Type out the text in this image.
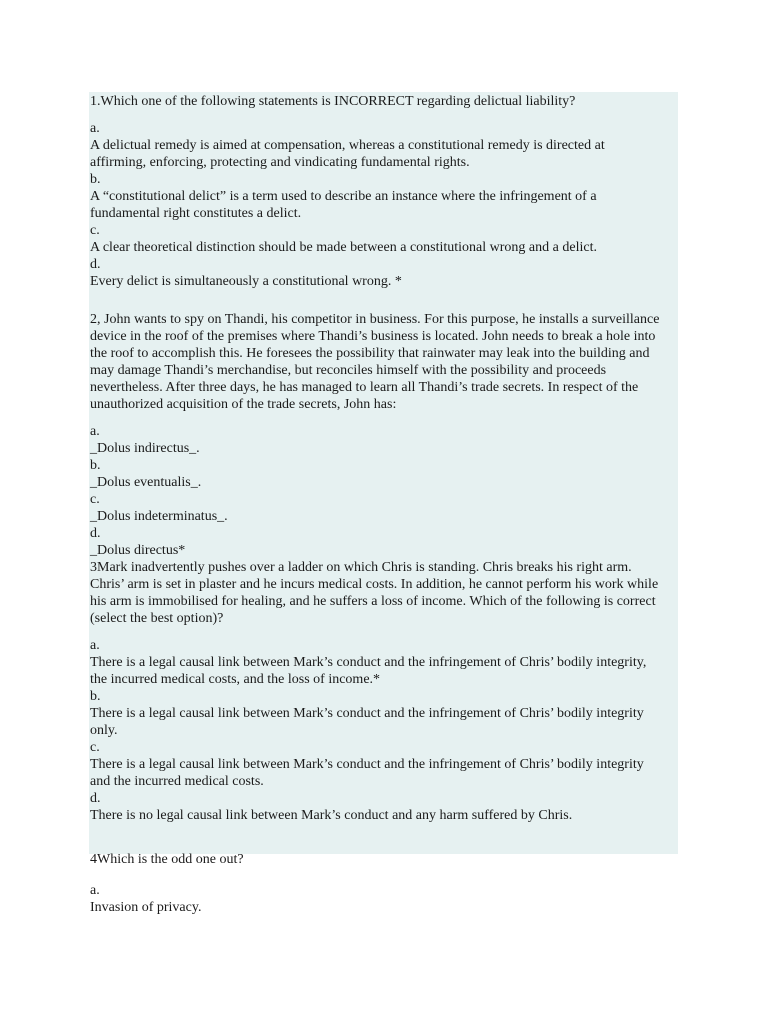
1.Which one of the following statements is INCORRECT regarding delictual liability?

a.
A delictual remedy is aimed at compensation, whereas a constitutional remedy is directed at
affirming, enforcing, protecting and vindicating fundamental rights.
b.
A “constitutional delict” is a term used to describe an instance where the infringement of a
fundamental right constitutes a delict.
c.
A clear theoretical distinction should be made between a constitutional wrong and a delict.
d.
Every delict is simultaneously a constitutional wrong. *
2, John wants to spy on Thandi, his competitor in business. For this purpose, he installs a surveillance
device in the roof of the premises where Thandi’s business is located. John needs to break a hole into
the roof to accomplish this. He foresees the possibility that rainwater may leak into the building and
may damage Thandi’s merchandise, but reconciles himself with the possibility and proceeds
nevertheless. After three days, he has managed to learn all Thandi’s trade secrets. In respect of the
unauthorized acquisition of the trade secrets, John has:
a.
_Dolus indirectus_.
b.
_Dolus eventualis_.
c.
_Dolus indeterminatus_.
d.
_Dolus directus*
3Mark inadvertently pushes over a ladder on which Chris is standing. Chris breaks his right arm.
Chris’ arm is set in plaster and he incurs medical costs. In addition, he cannot perform his work while
his arm is immobilised for healing, and he suffers a loss of income. Which of the following is correct
(select the best option)?
a.
There is a legal causal link between Mark’s conduct and the infringement of Chris’ bodily integrity,
the incurred medical costs, and the loss of income.*
b.
There is a legal causal link between Mark’s conduct and the infringement of Chris’ bodily integrity
only.
c.
There is a legal causal link between Mark’s conduct and the infringement of Chris’ bodily integrity
and the incurred medical costs.
d.
There is no legal causal link between Mark’s conduct and any harm suffered by Chris.

4Which is the odd one out?

a.
Invasion of privacy.
